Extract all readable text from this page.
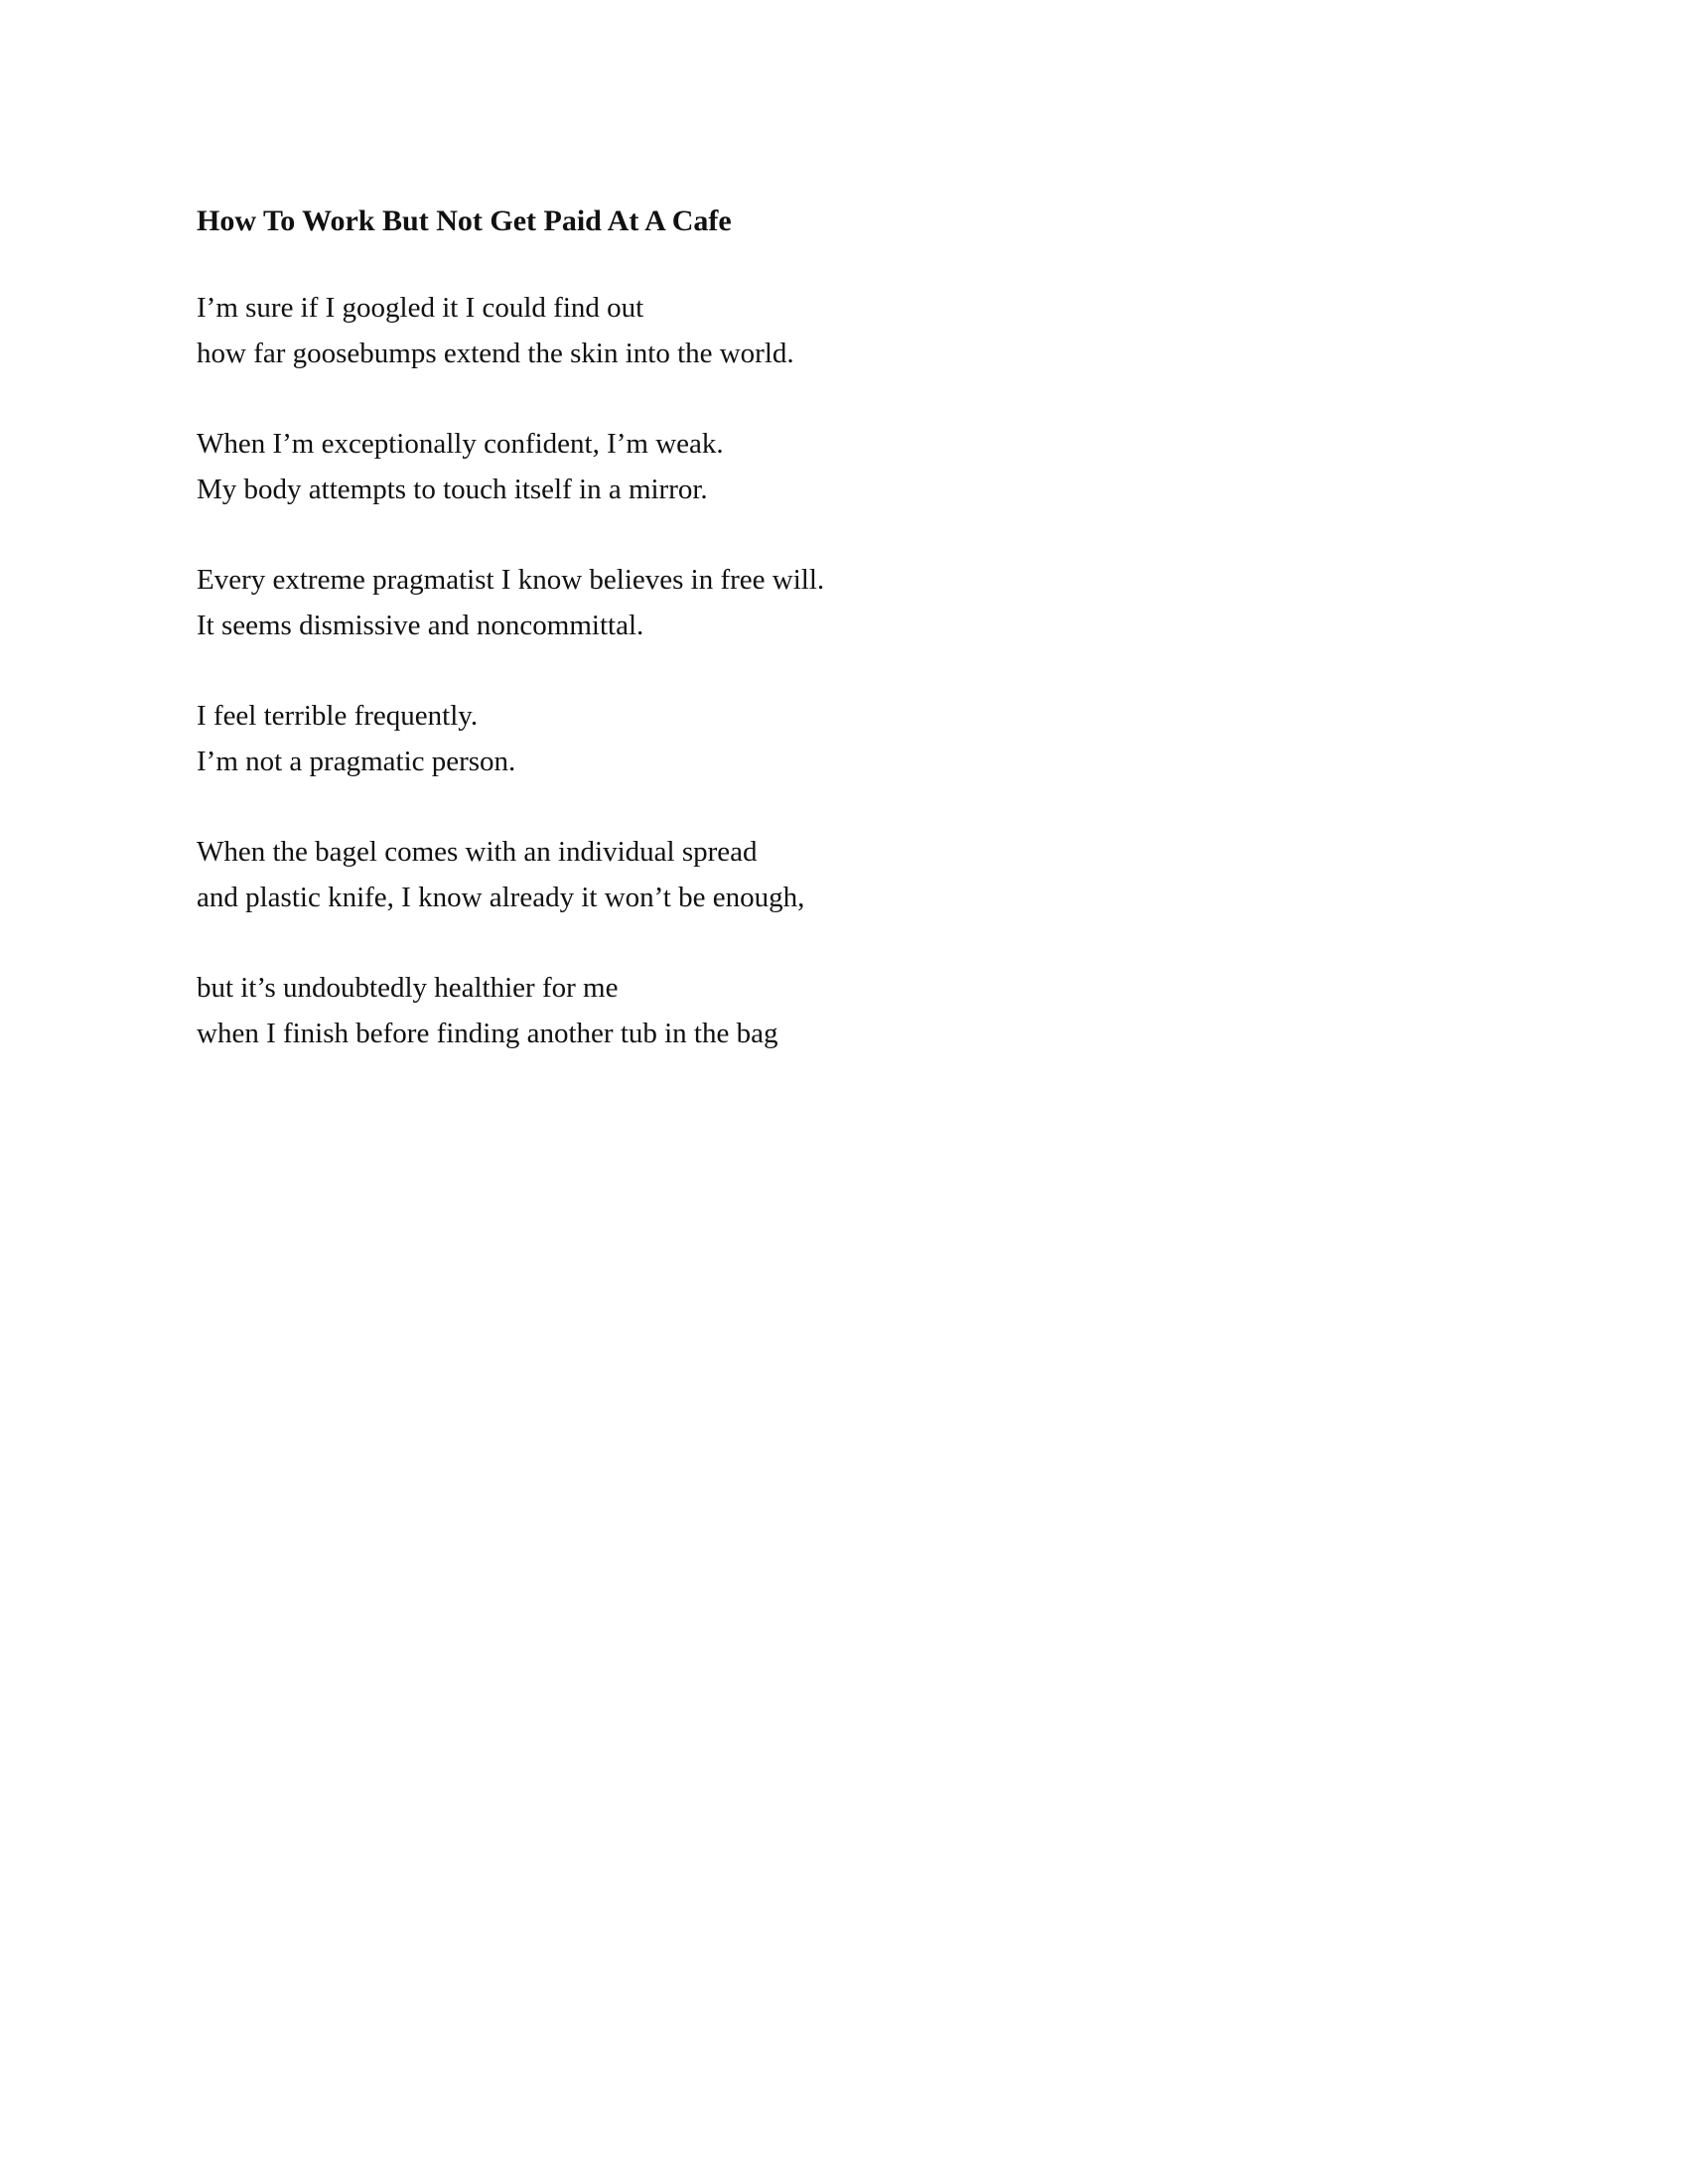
How To Work But Not Get Paid At A Cafe
I’m sure if I googled it I could find out
how far goosebumps extend the skin into the world.
When I’m exceptionally confident, I’m weak.
My body attempts to touch itself in a mirror.
Every extreme pragmatist I know believes in free will.
It seems dismissive and noncommittal.
I feel terrible frequently.
I’m not a pragmatic person.
When the bagel comes with an individual spread
and plastic knife, I know already it won’t be enough,
but it’s undoubtedly healthier for me
when I finish before finding another tub in the bag
